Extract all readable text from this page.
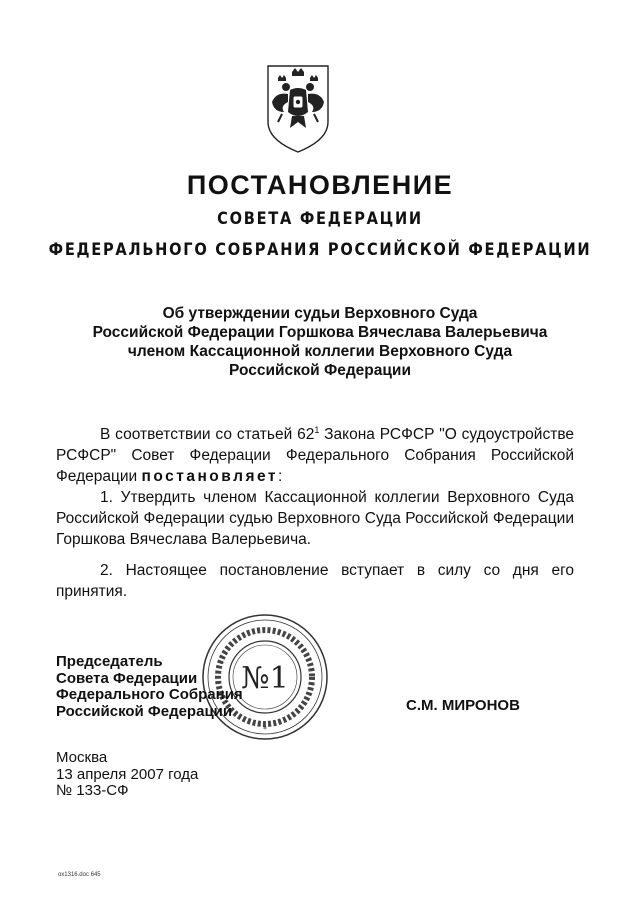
ПОСТАНОВЛЕНИЕ
СОВЕТА ФЕДЕРАЦИИ
ФЕДЕРАЛЬНОГО СОБРАНИЯ РОССИЙСКОЙ ФЕДЕРАЦИИ
Об утверждении судьи Верховного Суда
Российской Федерации Горшкова Вячеслава Валерьевича
членом Кассационной коллегии Верховного Суда
Российской Федерации

В соответствии со статьей $62^1$ Закона РСФСР "О судоустройстве РСФСР" Совет Федерации Федерального Собрания Российской Федерации постановляет:

1. Утвердить членом Кассационной коллегии Верховного Суда Российской Федерации судью Верховного Суда Российской Федерации Горшкова Вячеслава Валерьевича.

2. Настоящее постановление вступает в силу со дня его принятия.

№1
*
Председатель
Совета Федерации
Федерального Собрания
Российской Федерации	С.М. МИРОНОВ
Москва
13 апреля 2007 года
№ 133-СФ
ох1316.doc 645
